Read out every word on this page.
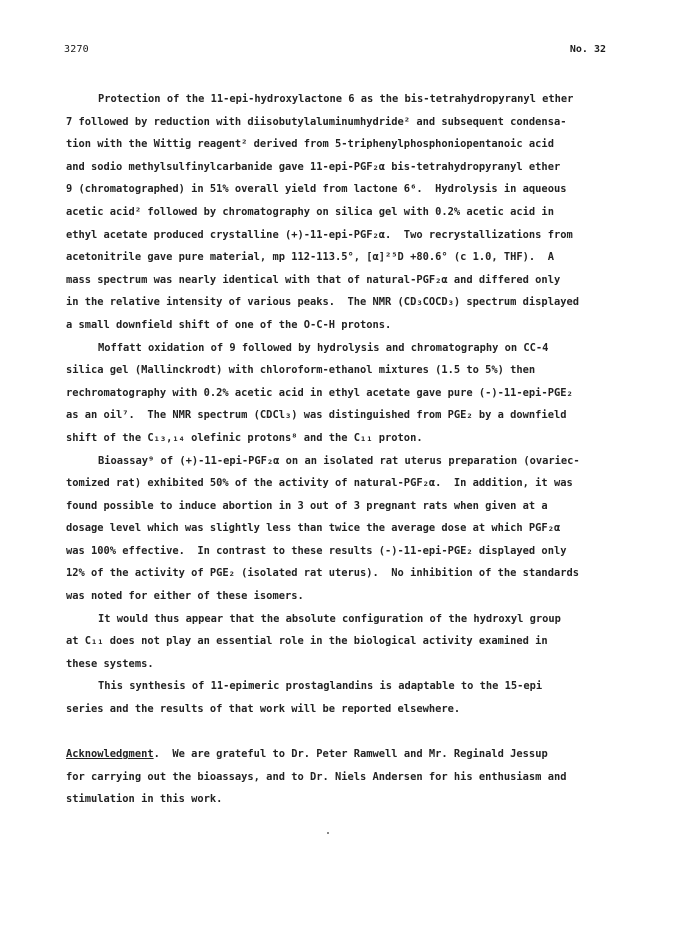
3270	No. 32
Protection of the 11-epi-hydroxylactone 6 as the bis-tetrahydropyranyl ether
7 followed by reduction with diisobutylaluminumhydride² and subsequent condensa-
tion with the Wittig reagent² derived from 5-triphenylphosphoniopentanoic acid
and sodio methylsulfinylcarbanide gave 11-epi-PGF₂α bis-tetrahydropyranyl ether
9 (chromatographed) in 51% overall yield from lactone 6⁶.  Hydrolysis in aqueous
acetic acid² followed by chromatography on silica gel with 0.2% acetic acid in
ethyl acetate produced crystalline (+)-11-epi-PGF₂α.  Two recrystallizations from
acetonitrile gave pure material, mp 112-113.5°, [α]²⁵D +80.6° (c 1.0, THF).  A
mass spectrum was nearly identical with that of natural-PGF₂α and differed only
in the relative intensity of various peaks.  The NMR (CD₃COCD₃) spectrum displayed
a small downfield shift of one of the O-C-H protons.
Moffatt oxidation of 9 followed by hydrolysis and chromatography on CC-4
silica gel (Mallinckrodt) with chloroform-ethanol mixtures (1.5 to 5%) then
rechromatography with 0.2% acetic acid in ethyl acetate gave pure (-)-11-epi-PGE₂
as an oil⁷.  The NMR spectrum (CDCl₃) was distinguished from PGE₂ by a downfield
shift of the C₁₃,₁₄ olefinic protons⁸ and the C₁₁ proton.
Bioassay⁹ of (+)-11-epi-PGF₂α on an isolated rat uterus preparation (ovariec-
tomized rat) exhibited 50% of the activity of natural-PGF₂α.  In addition, it was
found possible to induce abortion in 3 out of 3 pregnant rats when given at a
dosage level which was slightly less than twice the average dose at which PGF₂α
was 100% effective.  In contrast to these results (-)-11-epi-PGE₂ displayed only
12% of the activity of PGE₂ (isolated rat uterus).  No inhibition of the standards
was noted for either of these isomers.
It would thus appear that the absolute configuration of the hydroxyl group
at C₁₁ does not play an essential role in the biological activity examined in
these systems.
This synthesis of 11-epimeric prostaglandins is adaptable to the 15-epi
series and the results of that work will be reported elsewhere.
Acknowledgment.  We are grateful to Dr. Peter Ramwell and Mr. Reginald Jessup
for carrying out the bioassays, and to Dr. Niels Andersen for his enthusiasm and
stimulation in this work.
